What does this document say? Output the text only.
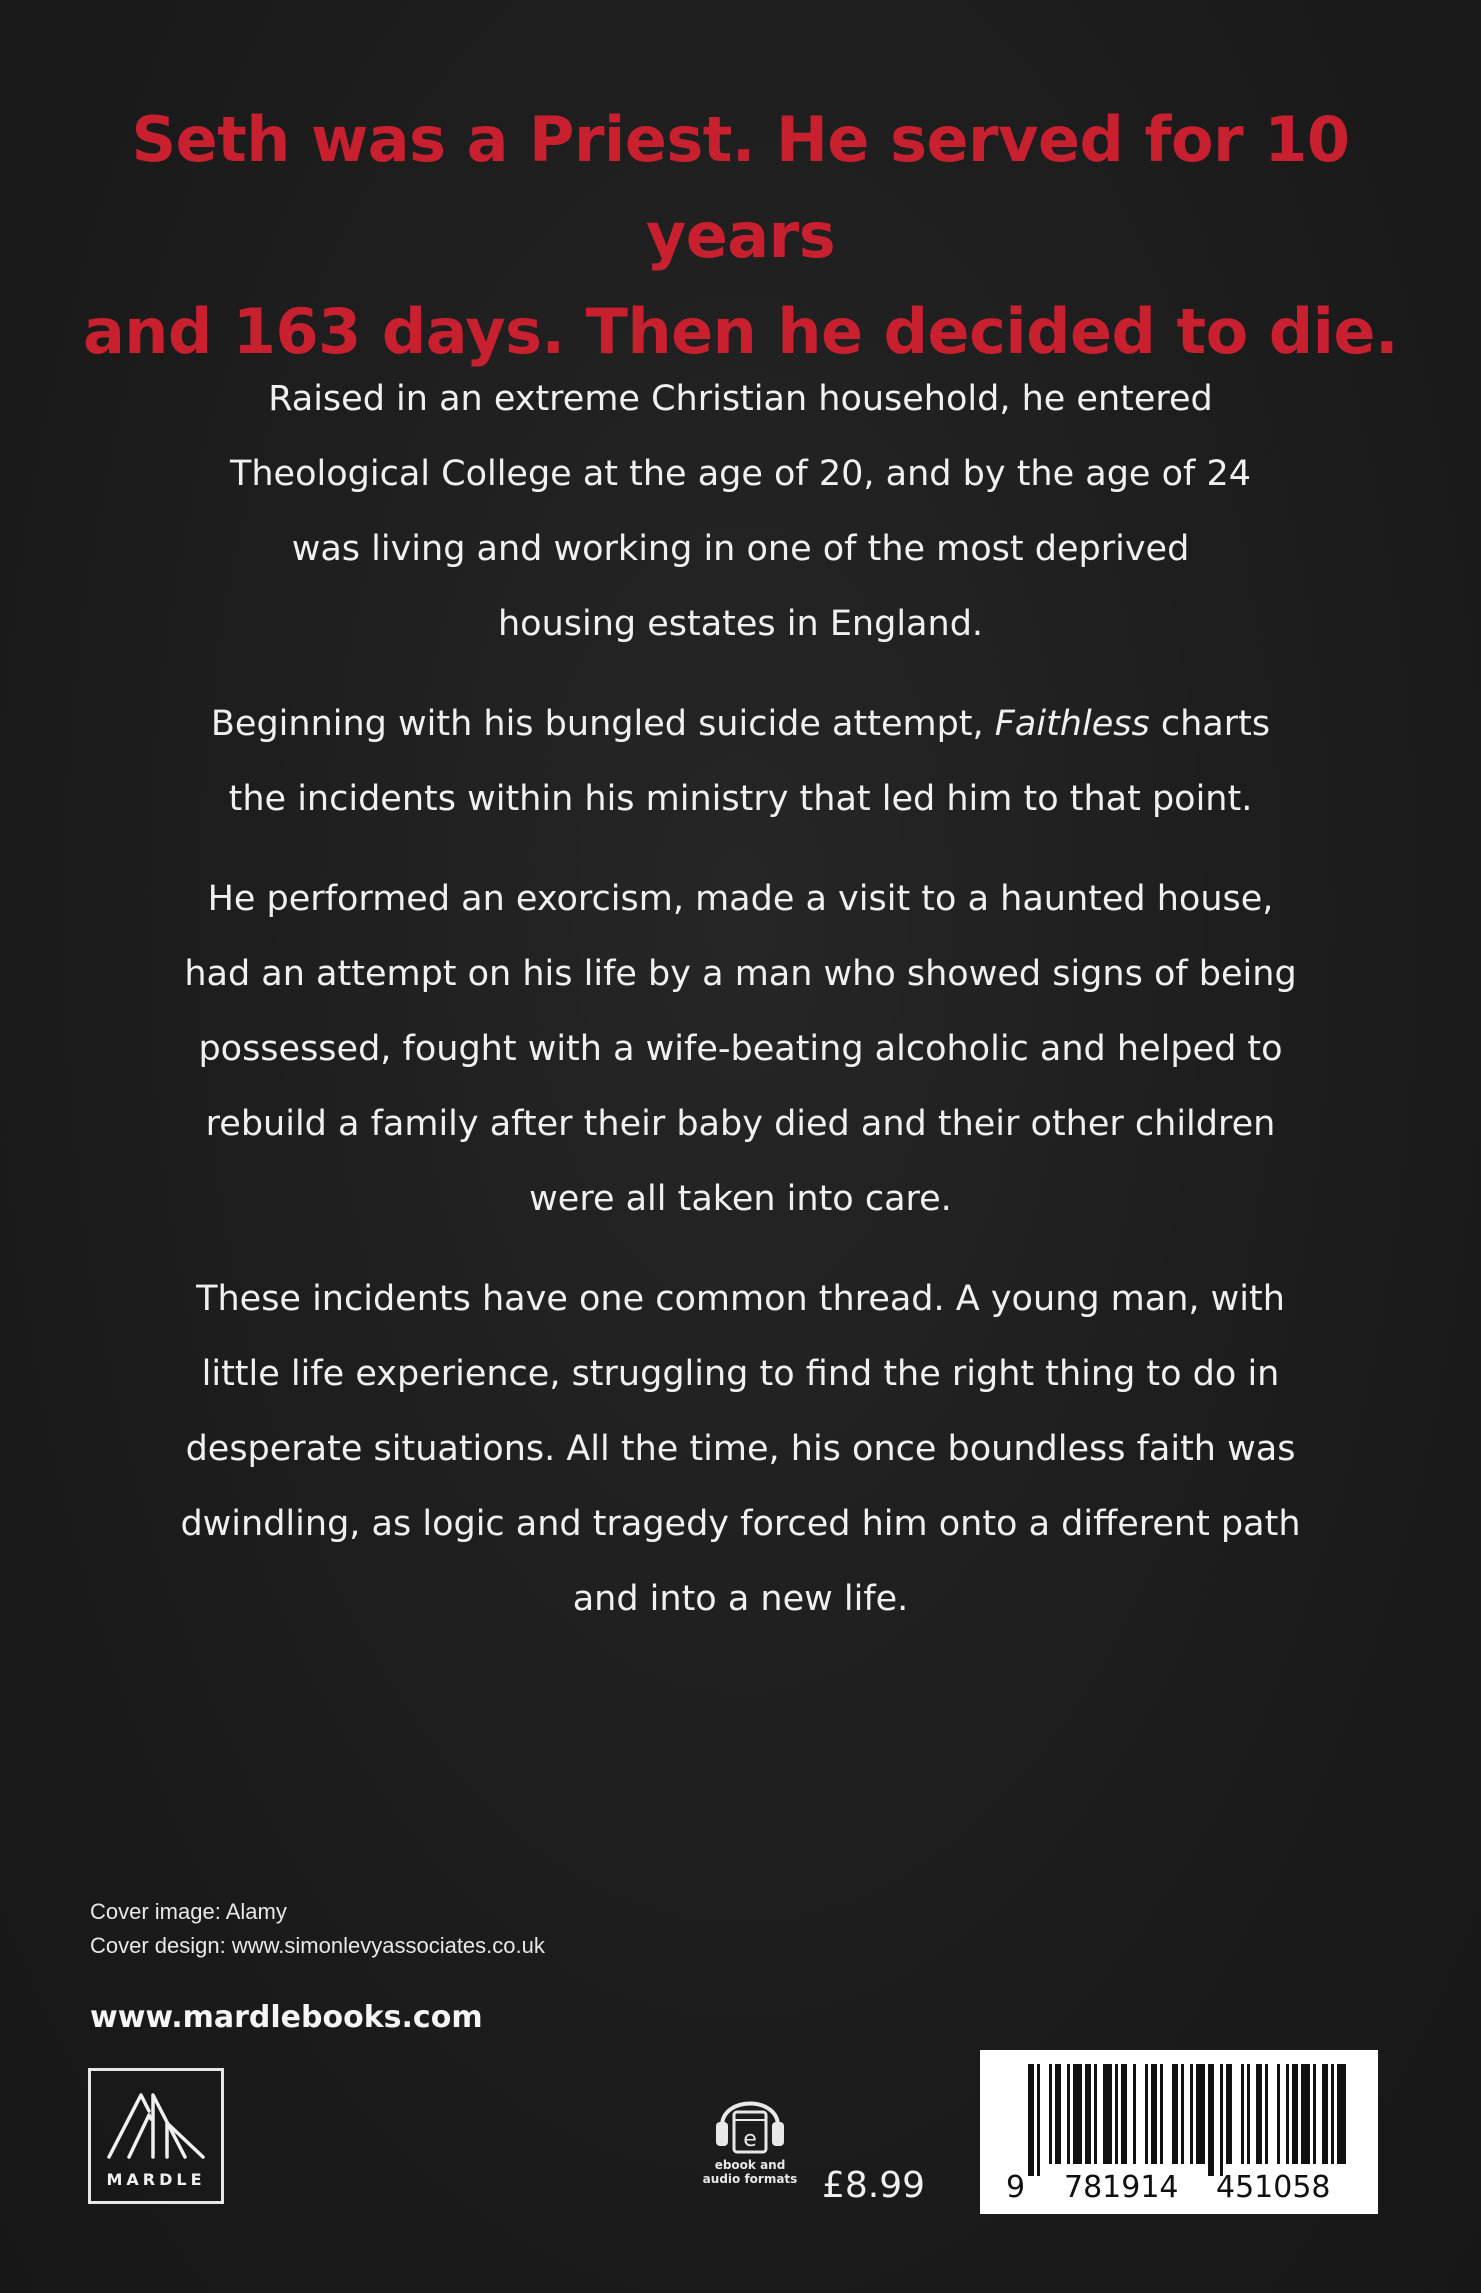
Seth was a Priest. He served for 10 years
and 163 days. Then he decided to die.

Raised in an extreme Christian household, he entered
Theological College at the age of 20, and by the age of 24
was living and working in one of the most deprived
housing estates in England.

Beginning with his bungled suicide attempt, Faithless charts
the incidents within his ministry that led him to that point.

He performed an exorcism, made a visit to a haunted house,
had an attempt on his life by a man who showed signs of being
possessed, fought with a wife-beating alcoholic and helped to
rebuild a family after their baby died and their other children
were all taken into care.

These incidents have one common thread. A young man, with
little life experience, struggling to find the right thing to do in
desperate situations. All the time, his once boundless faith was
dwindling, as logic and tragedy forced him onto a different path
and into a new life.

Cover image: Alamy
Cover design: www.simonlevyassociates.co.uk
www.mardlebooks.com
MARDLE
e
ebook and
audio formats £8.99	9 781914 451058
